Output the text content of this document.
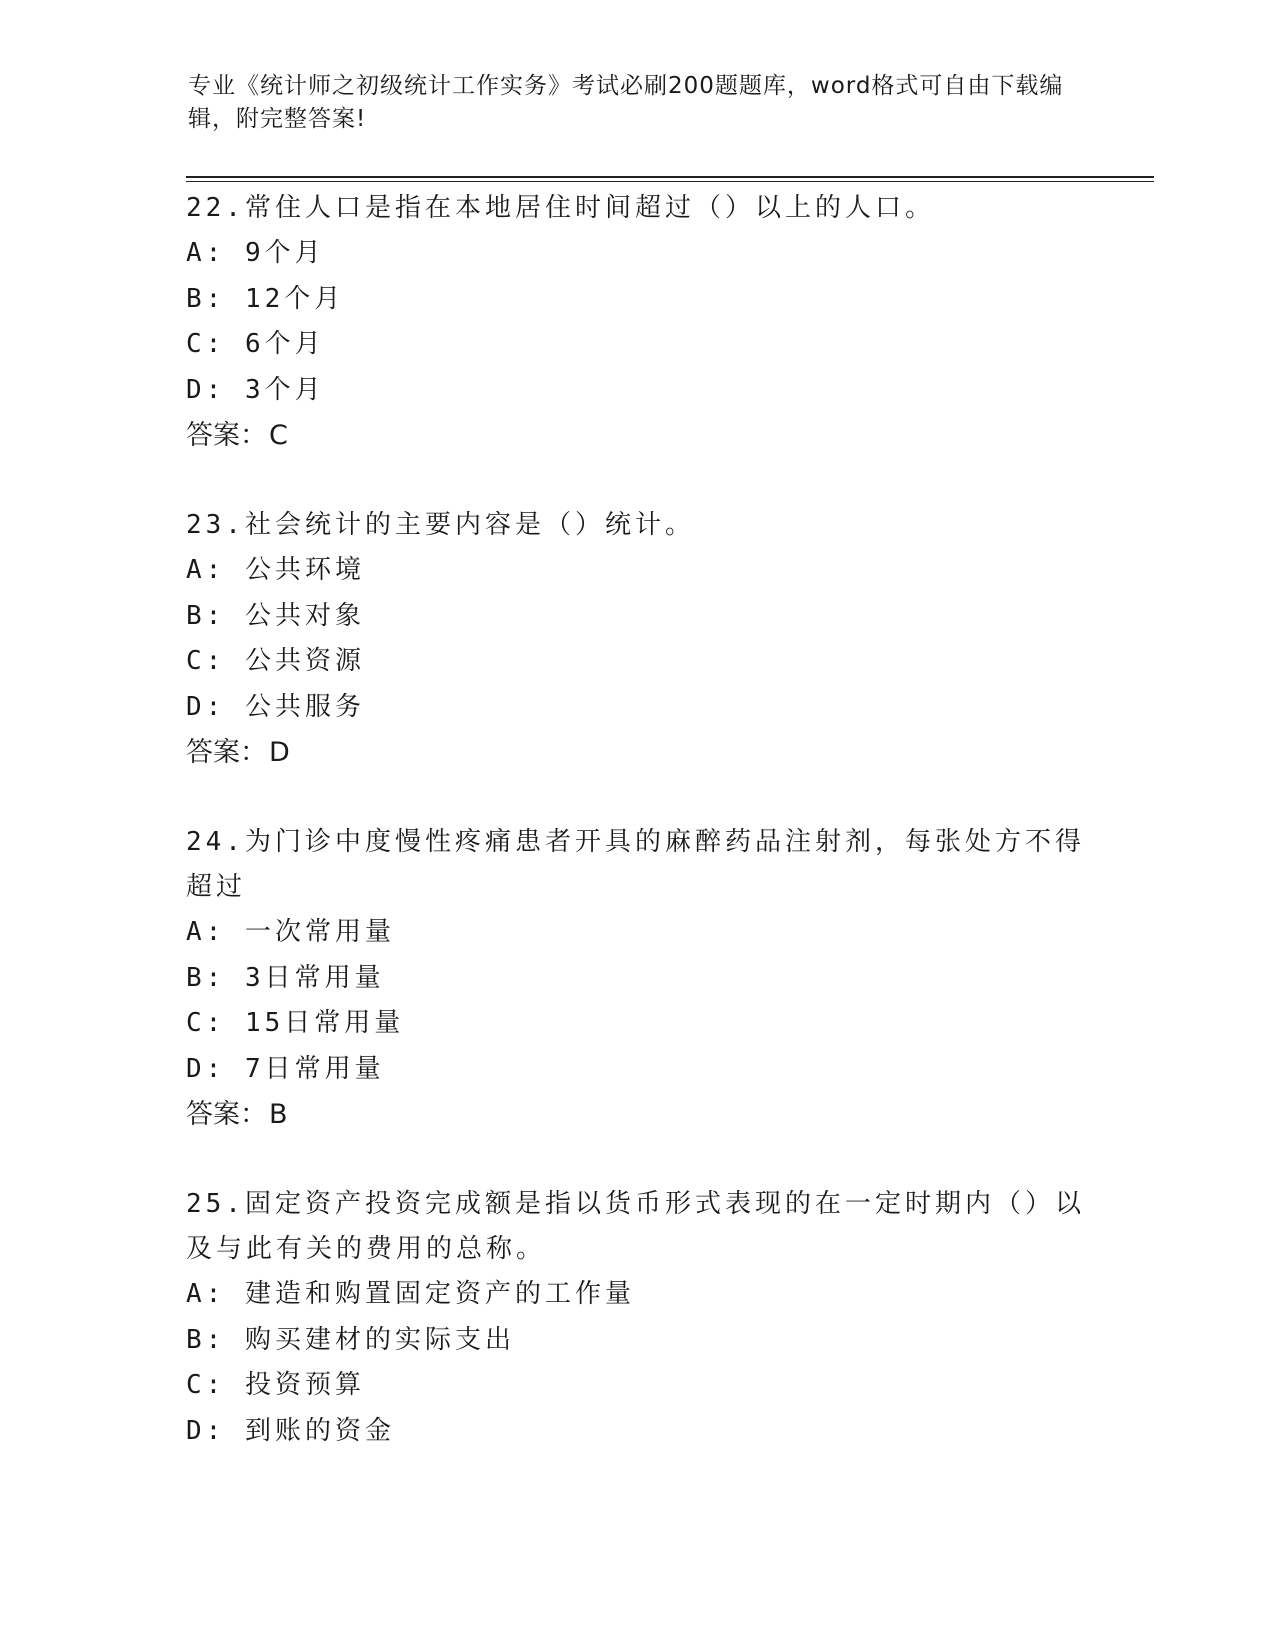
专业《统计师之初级统计工作实务》考试必刷200题题库，word格式可自由下载编辑，附完整答案!

22.常住人口是指在本地居住时间超过（）以上的人口。

A: 9个月

B: 12个月

C: 6个月

D: 3个月

答案：C

23.社会统计的主要内容是（）统计。

A: 公共环境

B: 公共对象

C: 公共资源

D: 公共服务

答案：D

24.为门诊中度慢性疼痛患者开具的麻醉药品注射剂，每张处方不得超过

A: 一次常用量

B: 3日常用量

C: 15日常用量

D: 7日常用量

答案：B

25.固定资产投资完成额是指以货币形式表现的在一定时期内（）以及与此有关的费用的总称。

A: 建造和购置固定资产的工作量

B: 购买建材的实际支出

C: 投资预算

D: 到账的资金
